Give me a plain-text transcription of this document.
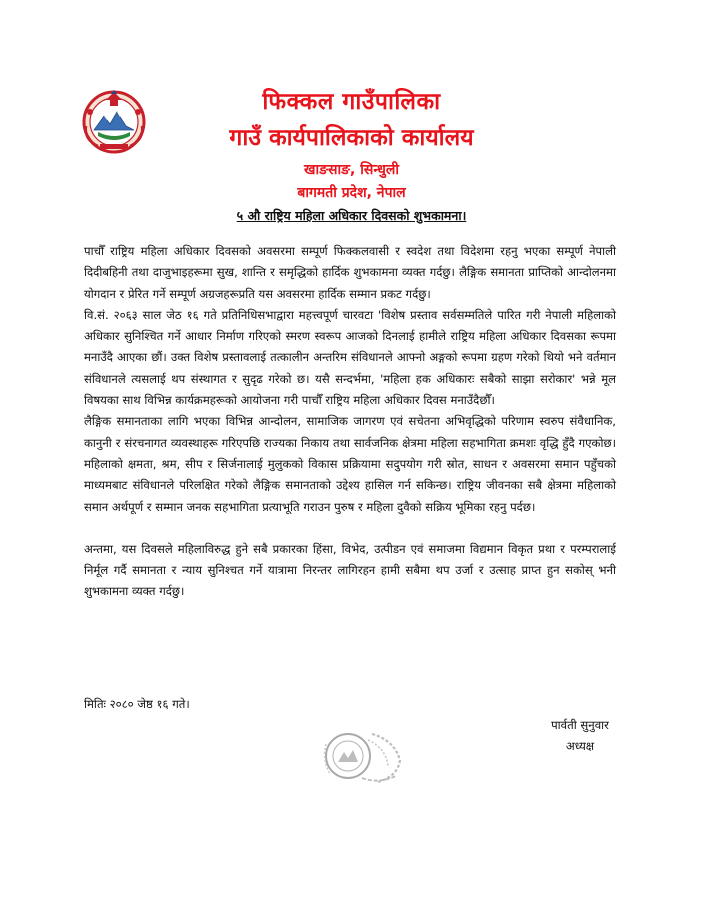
फिक्कल गाउँपालिका
गाउँ कार्यपालिकाको कार्यालय
खाङसाङ, सिन्धुली
बागमती प्रदेश, नेपाल
५ औ राष्ट्रिय महिला अधिकार दिवसको शुभकामना।

पाचौँ राष्ट्रिय महिला अधिकार दिवसको अवसरमा सम्पूर्ण फिक्कलवासी र स्वदेश तथा विदेशमा रहनु भएका सम्पूर्ण नेपाली दिदीबहिनी तथा दाजुभाइहरूमा सुख, शान्ति र समृद्धिको हार्दिक शुभकामना व्यक्त गर्दछु। लैङ्गिक समानता प्राप्तिको आन्दोलनमा योगदान र प्रेरित गर्ने सम्पूर्ण अग्रजहरूप्रति यस अवसरमा हार्दिक सम्मान प्रकट गर्दछु।

वि.सं. २०६३ साल जेठ १६ गते प्रतिनिधिसभाद्वारा महत्त्वपूर्ण चारवटा 'विशेष प्रस्ताव सर्वसम्मतिले पारित गरी नेपाली महिलाको अधिकार सुनिश्चित गर्ने आधार निर्माण गरिएको स्मरण स्वरूप आजको दिनलाई हामीले राष्ट्रिय महिला अधिकार दिवसका रूपमा मनाउँदै आएका छौं। उक्त विशेष प्रस्तावलाई तत्कालीन अन्तरिम संविधानले आफ्नो अङ्गको रूपमा ग्रहण गरेको थियो भने वर्तमान संविधानले त्यसलाई थप संस्थागत र सुदृढ गरेको छ। यसै सन्दर्भमा, 'महिला हक अधिकारः सबैको साझा सरोकार' भन्ने मूल विषयका साथ विभिन्न कार्यक्रमहरूको आयोजना गरी पाचौँ राष्ट्रिय महिला अधिकार दिवस मनाउँदैछौँ।

लैङ्गिक समानताका लागि भएका विभिन्न आन्दोलन, सामाजिक जागरण एवं सचेतना अभिवृद्धिको परिणाम स्वरुप संवैधानिक, कानुनी र संरचनागत व्यवस्थाहरू गरिएपछि राज्यका निकाय तथा सार्वजनिक क्षेत्रमा महिला सहभागिता क्रमशः वृद्धि हुँदै गएकोछ। महिलाको क्षमता, श्रम, सीप र सिर्जनालाई मुलुकको विकास प्रक्रियामा सदुपयोग गरी स्रोत, साधन र अवसरमा समान पहुँचको माध्यमबाट संविधानले परिलक्षित गरेको लैङ्गिक समानताको उद्देश्य हासिल गर्न सकिन्छ। राष्ट्रिय जीवनका सबै क्षेत्रमा महिलाको समान अर्थपूर्ण र सम्मान जनक सहभागिता प्रत्याभूति गराउन पुरुष र महिला दुवैको सक्रिय भूमिका रहनु पर्दछ।

अन्तमा, यस दिवसले महिलाविरुद्ध हुने सबै प्रकारका हिंसा, विभेद, उत्पीडन एवं समाजमा विद्यमान विकृत प्रथा र परम्परालाई निर्मूल गर्दै समानता र न्याय सुनिश्चत गर्ने यात्रामा निरन्तर लागिरहन हामी सबैमा थप उर्जा र उत्साह प्राप्त हुन सकोस् भनी शुभकामना व्यक्त गर्दछु।

मितिः २०८० जेष्ठ १६ गते।
पार्वती सुनुवार
अध्यक्ष
